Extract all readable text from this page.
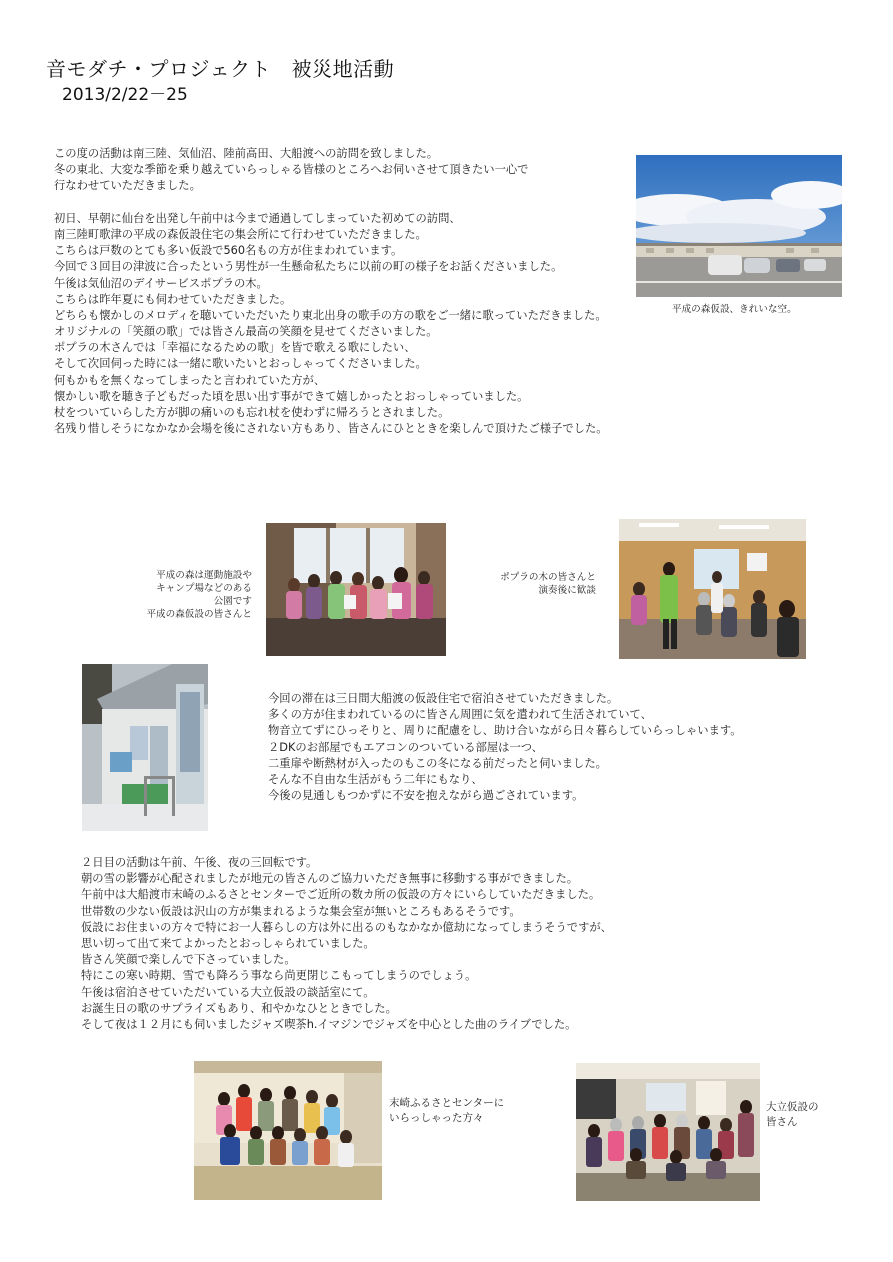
音モダチ・プロジェクト　被災地活動
2013/2/22－25
この度の活動は南三陸、気仙沼、陸前高田、大船渡への訪問を致しました。
冬の東北、大変な季節を乗り越えていらっしゃる皆様のところへお伺いさせて頂きたい一心で
行なわせていただきました。
初日、早朝に仙台を出発し午前中は今まで通過してしまっていた初めての訪問、
南三陸町歌津の平成の森仮設住宅の集会所にて行わせていただきました。
こちらは戸数のとても多い仮設で560名もの方が住まわれています。
今回で３回目の津波に合ったという男性が一生懸命私たちに以前の町の様子をお話くださいました。
午後は気仙沼のデイサービスポプラの木。
こちらは昨年夏にも伺わせていただきました。
どちらも懐かしのメロディを聴いていただいたり東北出身の歌手の方の歌をご一緒に歌っていただきました。
オリジナルの「笑顔の歌」では皆さん最高の笑顔を見せてくださいました。
ポプラの木さんでは「幸福になるための歌」を皆で歌える歌にしたい、
そして次回伺った時には一緒に歌いたいとおっしゃってくださいました。
何もかもを無くなってしまったと言われていた方が、
懐かしい歌を聴き子どもだった頃を思い出す事ができて嬉しかったとおっしゃっていました。
杖をついていらした方が脚の痛いのも忘れ杖を使わずに帰ろうとされました。
名残り惜しそうになかなか会場を後にされない方もあり、皆さんにひとときを楽しんで頂けたご様子でした。
平成の森仮設、きれいな空。
平成の森は運動施設や
キャンプ場などのある
公園です
平成の森仮設の皆さんと
ポプラの木の皆さんと
演奏後に歓談
今回の滞在は三日間大船渡の仮設住宅で宿泊させていただきました。
多くの方が住まわれているのに皆さん周囲に気を遣われて生活されていて、
物音立てずにひっそりと、周りに配慮をし、助け合いながら日々暮らしていらっしゃいます。
２DKのお部屋でもエアコンのついている部屋は一つ、
二重扉や断熱材が入ったのもこの冬になる前だったと伺いました。
そんな不自由な生活がもう二年にもなり、
今後の見通しもつかずに不安を抱えながら過ごされています。
２日目の活動は午前、午後、夜の三回転です。
朝の雪の影響が心配されましたが地元の皆さんのご協力いただき無事に移動する事ができました。
午前中は大船渡市末崎のふるさとセンターでご近所の数カ所の仮設の方々にいらしていただきました。
世帯数の少ない仮設は沢山の方が集まれるような集会室が無いところもあるそうです。
仮設にお住まいの方々で特にお一人暮らしの方は外に出るのもなかなか億劫になってしまうそうですが、
思い切って出て来てよかったとおっしゃられていました。
皆さん笑顔で楽しんで下さっていました。
特にこの寒い時期、雪でも降ろう事なら尚更閉じこもってしまうのでしょう。
午後は宿泊させていただいている大立仮設の談話室にて。
お誕生日の歌のサプライズもあり、和やかなひとときでした。
そして夜は１２月にも伺いましたジャズ喫茶h.イマジンでジャズを中心とした曲のライブでした。
末崎ふるさとセンターに
いらっしゃった方々
大立仮設の
皆さん
